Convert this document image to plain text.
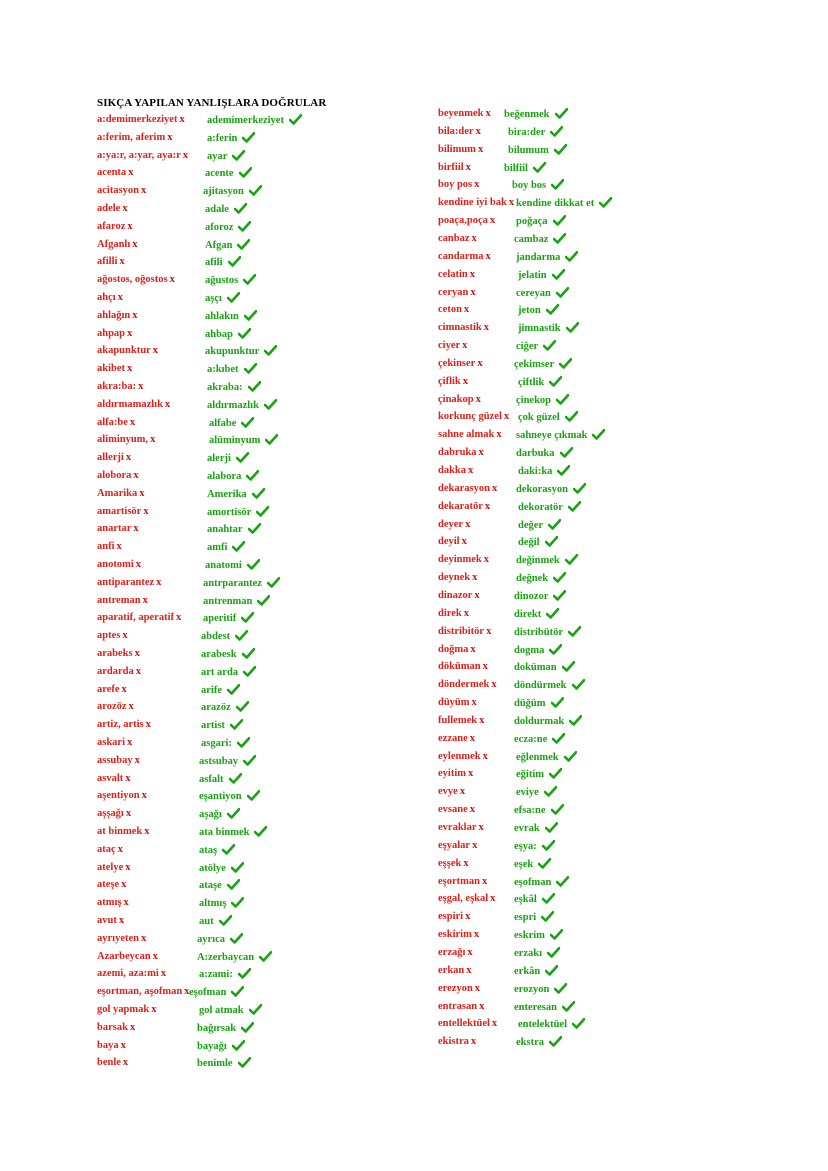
SIKÇA YAPILAN YANLIŞLARA DOĞRULAR
a:demimerkeziyet x ademimerkeziyet
a:ferim, aferim x	a:ferin
a:ya:r, a:yar, aya:r x ayar
acenta x	acente
acitasyon x	ajitasyon
adele x	adale
afaroz x	aforoz
Afganlı x	Afgan
afilli x	afili
ağostos, oğostos x	ağustos
ahçı x	aşçı
ahlağın x	ahlakın
ahpap x	ahbap
akapunktur x	akupunktur
akibet x	a:kıbet
akra:ba: x	akraba:
aldırmamazlık x	aldırmazlık
alfa:be x	alfabe
aliminyum, x	alüminyum
allerji x	alerji
alobora x	alabora
Amarika x	Amerika
amartisör x	amortisör
anartar x	anahtar
anfi x	amfi
anotomi x	anatomi
antiparantez x	antrparantez
antreman x	antrenman
aparatif, aperatif x aperitif
aptes x	abdest
arabeks x	arabesk
ardarda x	art arda
arefe x	arife
arozöz x	arazöz
artiz, artis x	artist
askari x	asgari:
assubay x	astsubay
asvalt x	asfalt
aşentiyon x	eşantiyon
aşşağı x	aşağı
at binmek x	ata binmek
ataç x	ataş
atelye x	atölye
ateşe x	ataşe
atmış x	altmış
avut x	aut
ayrıyeten x	ayrıca
Azarbeycan x	A:zerbaycan
azemi, aza:mi x	a:zami:
eşortman, aşofman x eşofman
gol yapmak x	gol atmak
barsak x	bağırsak
baya x	bayağı
benle x	benimle
beyenmek x beğenmek
bila:der x	bira:der
bilimum x bilumum
birfiil x	bilfiil
boy pos x	boy bos
kendine iyi bak x kendine dikkat et
poaça,poça x poğaça
canbaz x	cambaz
candarma x jandarma
celatin x	jelatin
ceryan x	cereyan
ceton x	jeton
cimnastik x	jimnastik
ciyer x	ciğer
çekinser x	çekimser
çiflik x	çiftlik
çinakop x	çinekop
korkunç güzel x çok güzel
sahne almak x sahneye çıkmak
dabruka x	darbuka
dakka x	daki:ka
dekarasyon x dekorasyon
dekaratör x	dekoratör
deyer x	değer
deyil x	değil
deyinmek x	değinmek
deynek x	değnek
dinazor x	dinozor
direk x	direkt
distribitör x distribütör
doğma x	dogma
döküman x doküman
döndermek x döndürmek
düyüm x	düğüm
fullemek x	doldurmak
ezzane x	ecza:ne
eylenmek x	eğlenmek
eyitim x	eğitim
evye x	eviye
evsane x	efsa:ne
evraklar x	evrak
eşyalar x	eşya:
eşşek x	eşek
eşortman x	eşofman
eşgal, eşkal x eşkâl
espiri x	espri
eskirim x	eskrim
erzağı x	erzakı
erkan x	erkân
erezyon x	erozyon
entrasan x	enteresan
entellektüel x entelektüel
ekistra x	ekstra
